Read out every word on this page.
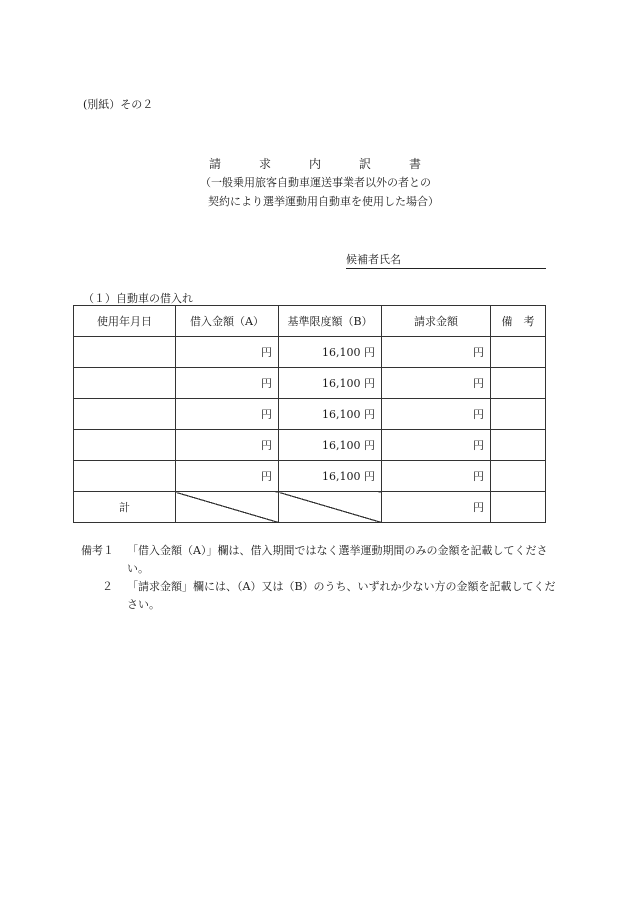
(別紙）その２
請	求	内	訳	書
（一般乗用旅客自動車運送事業者以外の者との
契約により選挙運動用自動車を使用した場合）
候補者氏名
（１）自動車の借入れ
使用年月日	借入金額（A）	基準限度額（B）	請求金額	備　考
	円	16,100 円	円	
	円	16,100 円	円	
	円	16,100 円	円	
	円	16,100 円	円	
	円	16,100 円	円	
計			円	
備考１	「借入金額（A）」欄は、借入期間ではなく選挙運動期間のみの金額を記載してください。
２	「請求金額」欄には、（A）又は（B）のうち、いずれか少ない方の金額を記載してください。
